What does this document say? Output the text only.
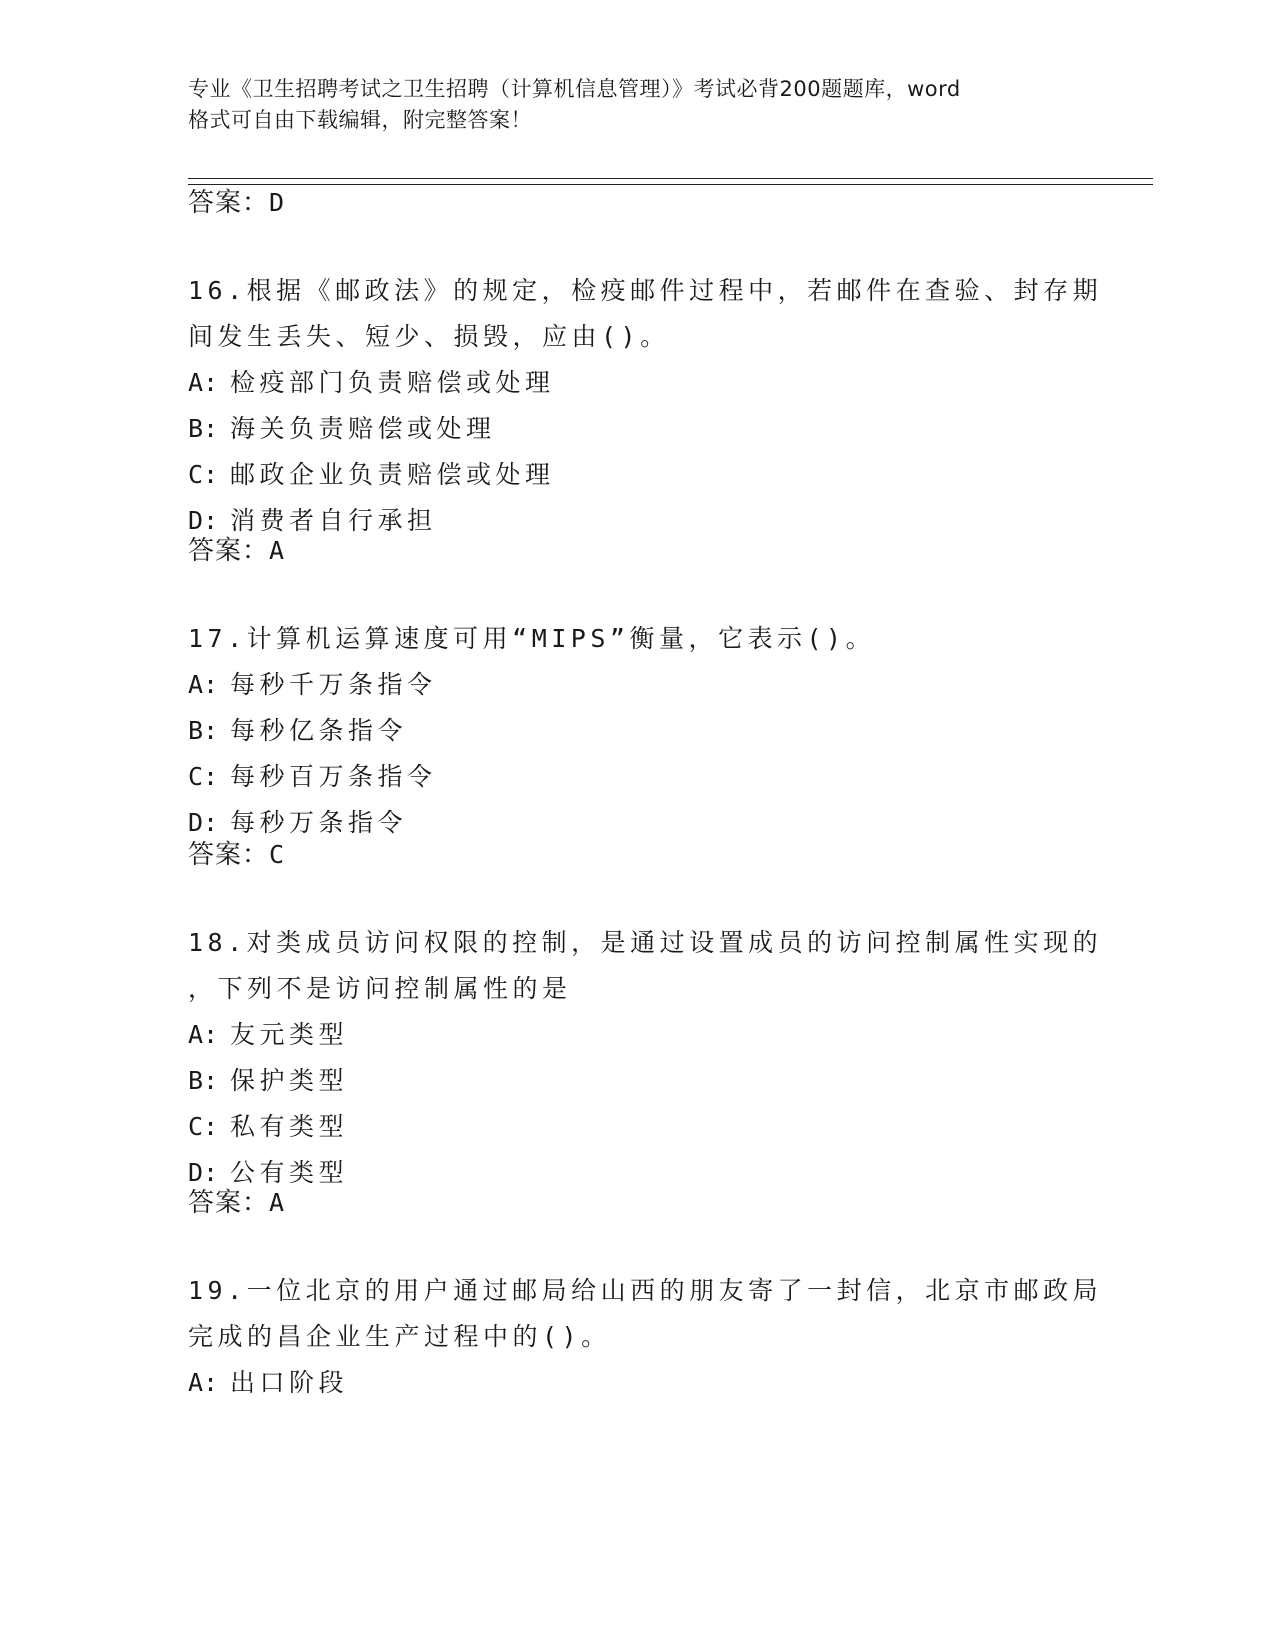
专业《卫生招聘考试之卫生招聘（计算机信息管理）》考试必背200题题库，word
格式可自由下载编辑，附完整答案！
答案：D
16.根据《邮政法》的规定，检疫邮件过程中，若邮件在查验、封存期
间发生丢失、短少、损毁，应由()。
A: 检疫部门负责赔偿或处理
B: 海关负责赔偿或处理
C: 邮政企业负责赔偿或处理
D: 消费者自行承担
答案：A
17.计算机运算速度可用“MIPS”衡量，它表示()。
A: 每秒千万条指令
B: 每秒亿条指令
C: 每秒百万条指令
D: 每秒万条指令
答案：C
18.对类成员访问权限的控制，是通过设置成员的访问控制属性实现的
，下列不是访问控制属性的是
A: 友元类型
B: 保护类型
C: 私有类型
D: 公有类型
答案：A
19.一位北京的用户通过邮局给山西的朋友寄了一封信，北京市邮政局
完成的昌企业生产过程中的()。
A: 出口阶段
